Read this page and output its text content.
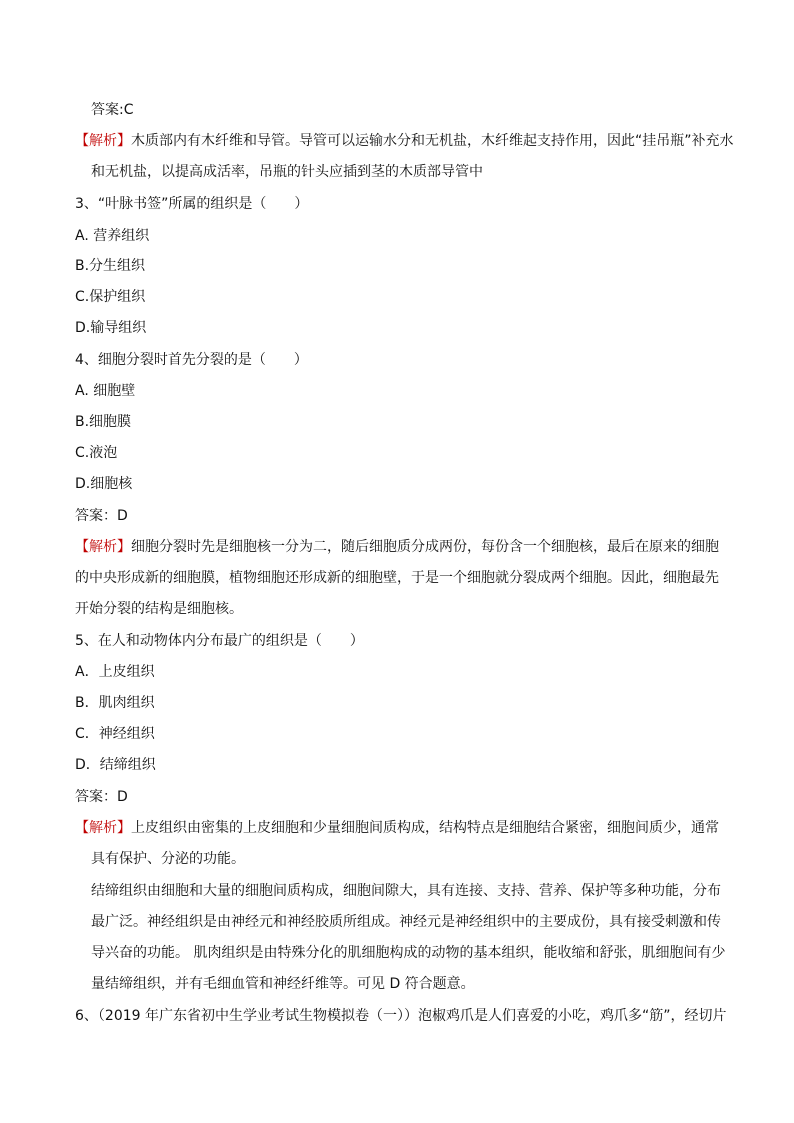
答案:C
【解析】木质部内有木纤维和导管。导管可以运输水分和无机盐，木纤维起支持作用，因此“挂吊瓶”补充水
和无机盐，以提高成活率，吊瓶的针头应插到茎的木质部导管中
3、“叶脉书签”所属的组织是（　　）
A. 营养组织
B.分生组织
C.保护组织
D.输导组织
4、细胞分裂时首先分裂的是（　　）
A. 细胞壁
B.细胞膜
C.液泡
D.细胞核
答案：D
【解析】细胞分裂时先是细胞核一分为二，随后细胞质分成两份，每份含一个细胞核，最后在原来的细胞
的中央形成新的细胞膜，植物细胞还形成新的细胞壁，于是一个细胞就分裂成两个细胞。因此，细胞最先
开始分裂的结构是细胞核。
5、在人和动物体内分布最广的组织是（　　）
A．上皮组织
B．肌肉组织
C．神经组织
D．结缔组织
答案：D
【解析】上皮组织由密集的上皮细胞和少量细胞间质构成，结构特点是细胞结合紧密，细胞间质少，通常
具有保护、分泌的功能。
结缔组织由细胞和大量的细胞间质构成，细胞间隙大，具有连接、支持、营养、保护等多种功能，分布
最广泛。神经组织是由神经元和神经胶质所组成。神经元是神经组织中的主要成份，具有接受刺激和传
导兴奋的功能。 肌肉组织是由特殊分化的肌细胞构成的动物的基本组织，能收缩和舒张，肌细胞间有少
量结缔组织，并有毛细血管和神经纤维等。可见 D 符合题意。
6、（2019 年广东省初中生学业考试生物模拟卷（一））泡椒鸡爪是人们喜爱的小吃，鸡爪多“筋”，经切片
